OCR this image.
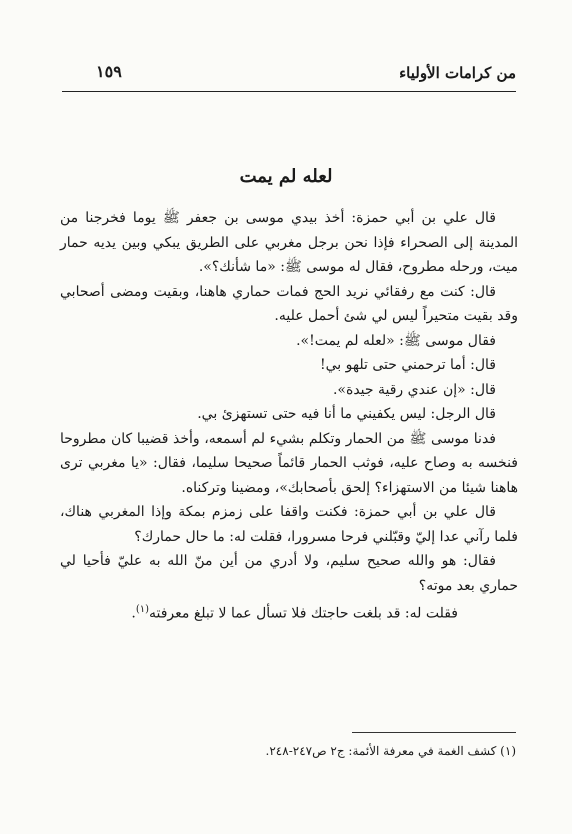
من كرامات الأولياء
١٥٩
لعله لم يمت

قال علي بن أبي حمزة: أخذ بيدي موسى بن جعفر ﷺ يوما فخرجنا من المدينة إلى الصحراء فإذا نحن برجل مغربي على الطريق يبكي وبين يديه حمار ميت، ورحله مطروح، فقال له موسى ﷺ: «ما شأنك؟».

قال: كنت مع رفقائي نريد الحج فمات حماري هاهنا، وبقيت ومضى أصحابي وقد بقيت متحيراً ليس لي شئ أحمل عليه.

فقال موسى ﷺ: «لعله لم يمت!».

قال: أما ترحمني حتى تلهو بي!

قال: «إن عندي رقية جيدة».

قال الرجل: ليس يكفيني ما أنا فيه حتى تستهزئ بي.

فدنا موسى ﷺ من الحمار وتكلم بشيء لم أسمعه، وأخذ قضيبا كان مطروحا فنخسه به وصاح عليه، فوثب الحمار قائماً صحيحا سليما، فقال: «يا مغربي ترى هاهنا شيئا من الاستهزاء؟ إلحق بأصحابك»، ومضينا وتركناه.

قال علي بن أبي حمزة: فكنت واقفا على زمزم بمكة وإذا المغربي هناك، فلما رآني عدا إليّ وقبّلني فرحا مسرورا، فقلت له: ما حال حمارك؟

فقال: هو والله صحيح سليم، ولا أدري من أين منّ الله به عليّ فأحيا لي حماري بعد موته؟

فقلت له: قد بلغت حاجتك فلا تسأل عما لا تبلغ معرفته$^{(١)}$.

(١) كشف الغمة في معرفة الأئمة: ج٢ ص٢٤٧-٢٤٨.
